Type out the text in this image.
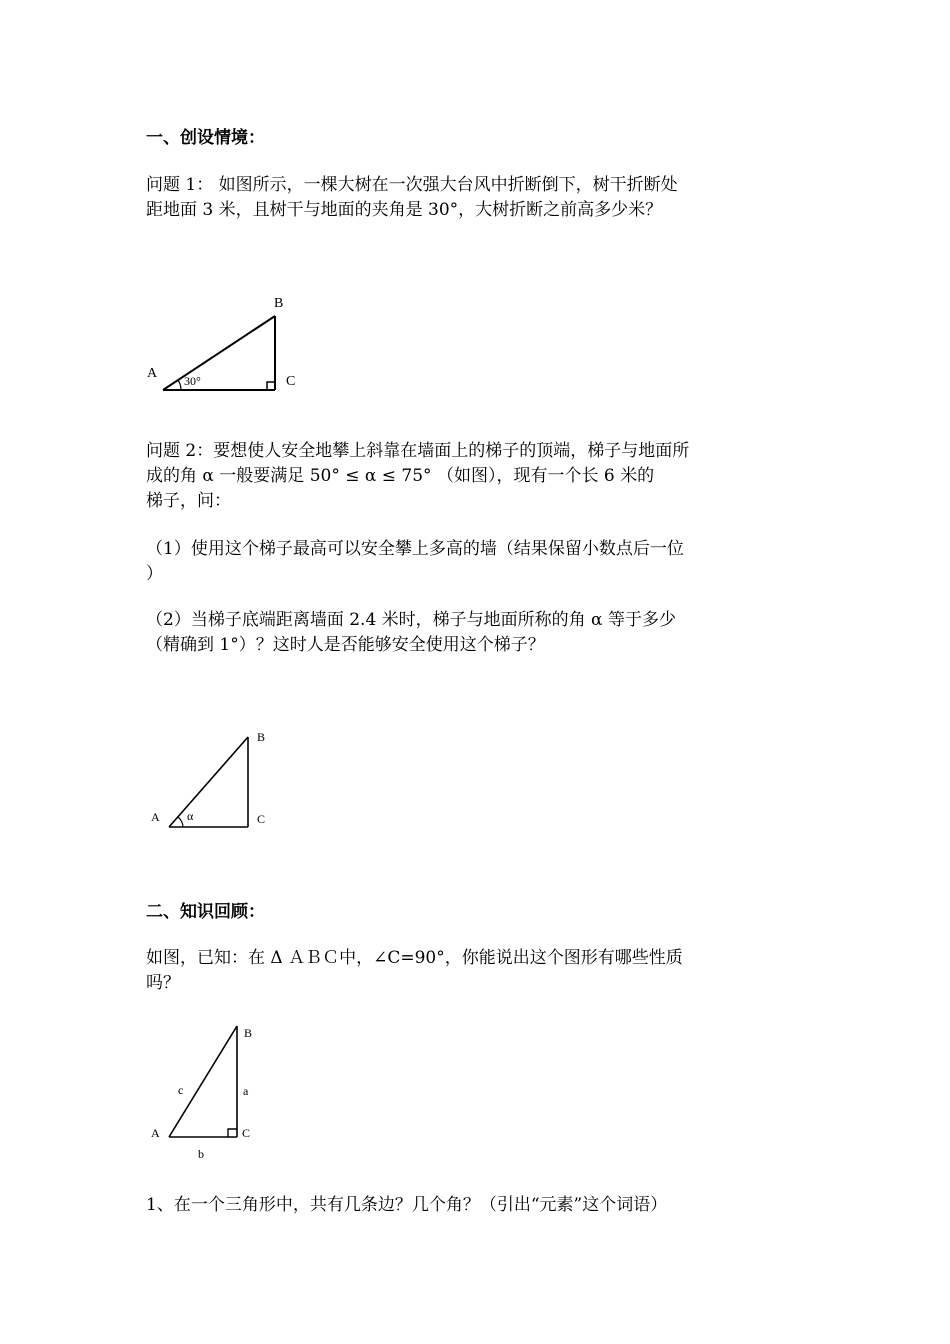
一、创设情境：

问题 1： 如图所示，一棵大树在一次强大台风中折断倒下，树干折断处
距地面 3 米，且树干与地面的夹角是 30°，大树折断之前高多少米？

A
B
C
30°

问题 2：要想使人安全地攀上斜靠在墙面上的梯子的顶端，梯子与地面所
成的角 α 一般要满足 50° ≤ α ≤ 75° （如图），现有一个长 6 米的
梯子，问：

（1）使用这个梯子最高可以安全攀上多高的墙（结果保留小数点后一位
）

（2）当梯子底端距离墙面 2.4 米时，梯子与地面所称的角 α 等于多少
（精确到 1°）？这时人是否能够安全使用这个梯子？

A
B
C
α
二、知识回顾：

如图，已知：在 Δ ＡＢＣ中，∠C=90°，你能说出这个图形有哪些性质
吗？

A
B
C
a
b
c

1、在一个三角形中，共有几条边？几个角？（引出“元素”这个词语）
